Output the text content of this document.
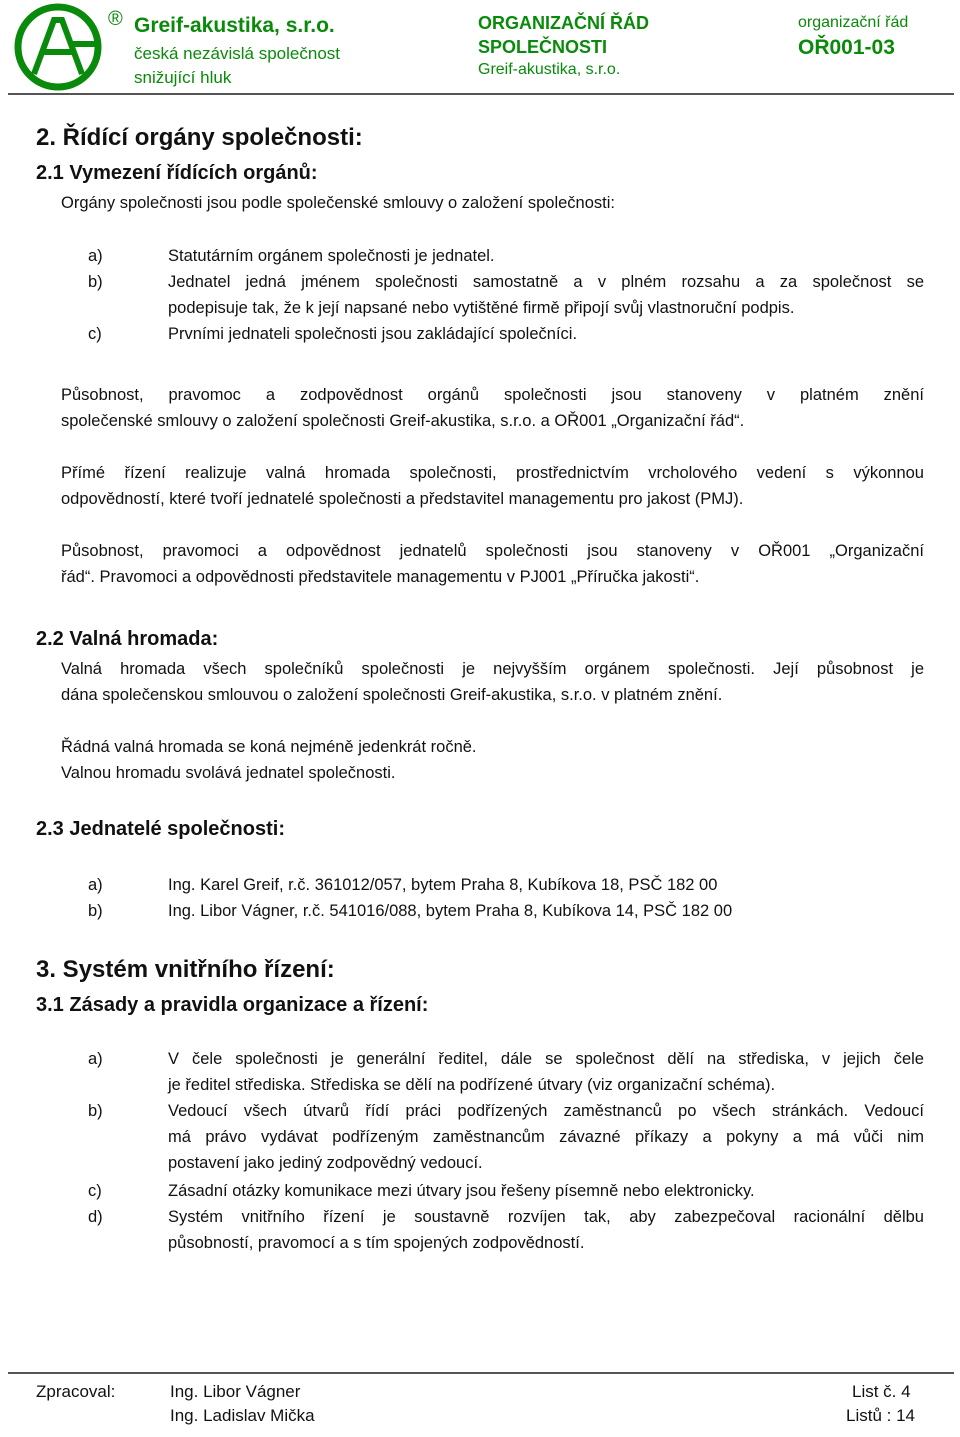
® Greif-akustika, s.r.o.
česká nezávislá společnost
snižující hluk
ORGANIZAČNÍ ŘÁD
SPOLEČNOSTI
Greif-akustika, s.r.o.
organizační řád
OŘ001-03
2. Řídící orgány společnosti:
2.1 Vymezení řídících orgánů:
Orgány společnosti jsou podle společenské smlouvy o založení společnosti:
a)	Statutárním orgánem společnosti je jednatel.
b)	Jednatel jedná jménem společnosti samostatně a v plném rozsahu a za společnost se
podepisuje tak, že k její napsané nebo vytištěné firmě připojí svůj vlastnoruční podpis.
c)	Prvními jednateli společnosti jsou zakládající společníci.
Působnost, pravomoc a zodpovědnost orgánů společnosti jsou stanoveny v platném znění
společenské smlouvy o založení společnosti Greif-akustika, s.r.o. a OŘ001 „Organizační řád“.
Přímé řízení realizuje valná hromada společnosti, prostřednictvím vrcholového vedení s výkonnou
odpovědností, které tvoří jednatelé společnosti a představitel managementu pro jakost (PMJ).
Působnost, pravomoci a odpovědnost jednatelů společnosti jsou stanoveny v OŘ001 „Organizační
řád“. Pravomoci a odpovědnosti představitele managementu v PJ001 „Příručka jakosti“.
2.2 Valná hromada:
Valná hromada všech společníků společnosti je nejvyšším orgánem společnosti. Její působnost je
dána společenskou smlouvou o založení společnosti Greif-akustika, s.r.o. v platném znění.
Řádná valná hromada se koná nejméně jedenkrát ročně.
Valnou hromadu svolává jednatel společnosti.
2.3 Jednatelé společnosti:
a)	Ing. Karel Greif, r.č. 361012/057, bytem Praha 8, Kubíkova 18, PSČ 182 00
b)	Ing. Libor Vágner, r.č. 541016/088, bytem Praha 8, Kubíkova 14, PSČ 182 00
3. Systém vnitřního řízení:
3.1 Zásady a pravidla organizace a řízení:
a)	V čele společnosti je generální ředitel, dále se společnost dělí na střediska, v jejich čele
je ředitel střediska. Střediska se dělí na podřízené útvary (viz organizační schéma).
b)	Vedoucí všech útvarů řídí práci podřízených zaměstnanců po všech stránkách. Vedoucí
má právo vydávat podřízeným zaměstnancům závazné příkazy a pokyny a má vůči nim
postavení jako jediný zodpovědný vedoucí.
c)	Zásadní otázky komunikace mezi útvary jsou řešeny písemně nebo elektronicky.
d)	Systém vnitřního řízení je soustavně rozvíjen tak, aby zabezpečoval racionální dělbu
působností, pravomocí a s tím spojených zodpovědností.
Zpracoval:	Ing. Libor Vágner
Ing. Ladislav Mička
List č. 4
Listů : 14
